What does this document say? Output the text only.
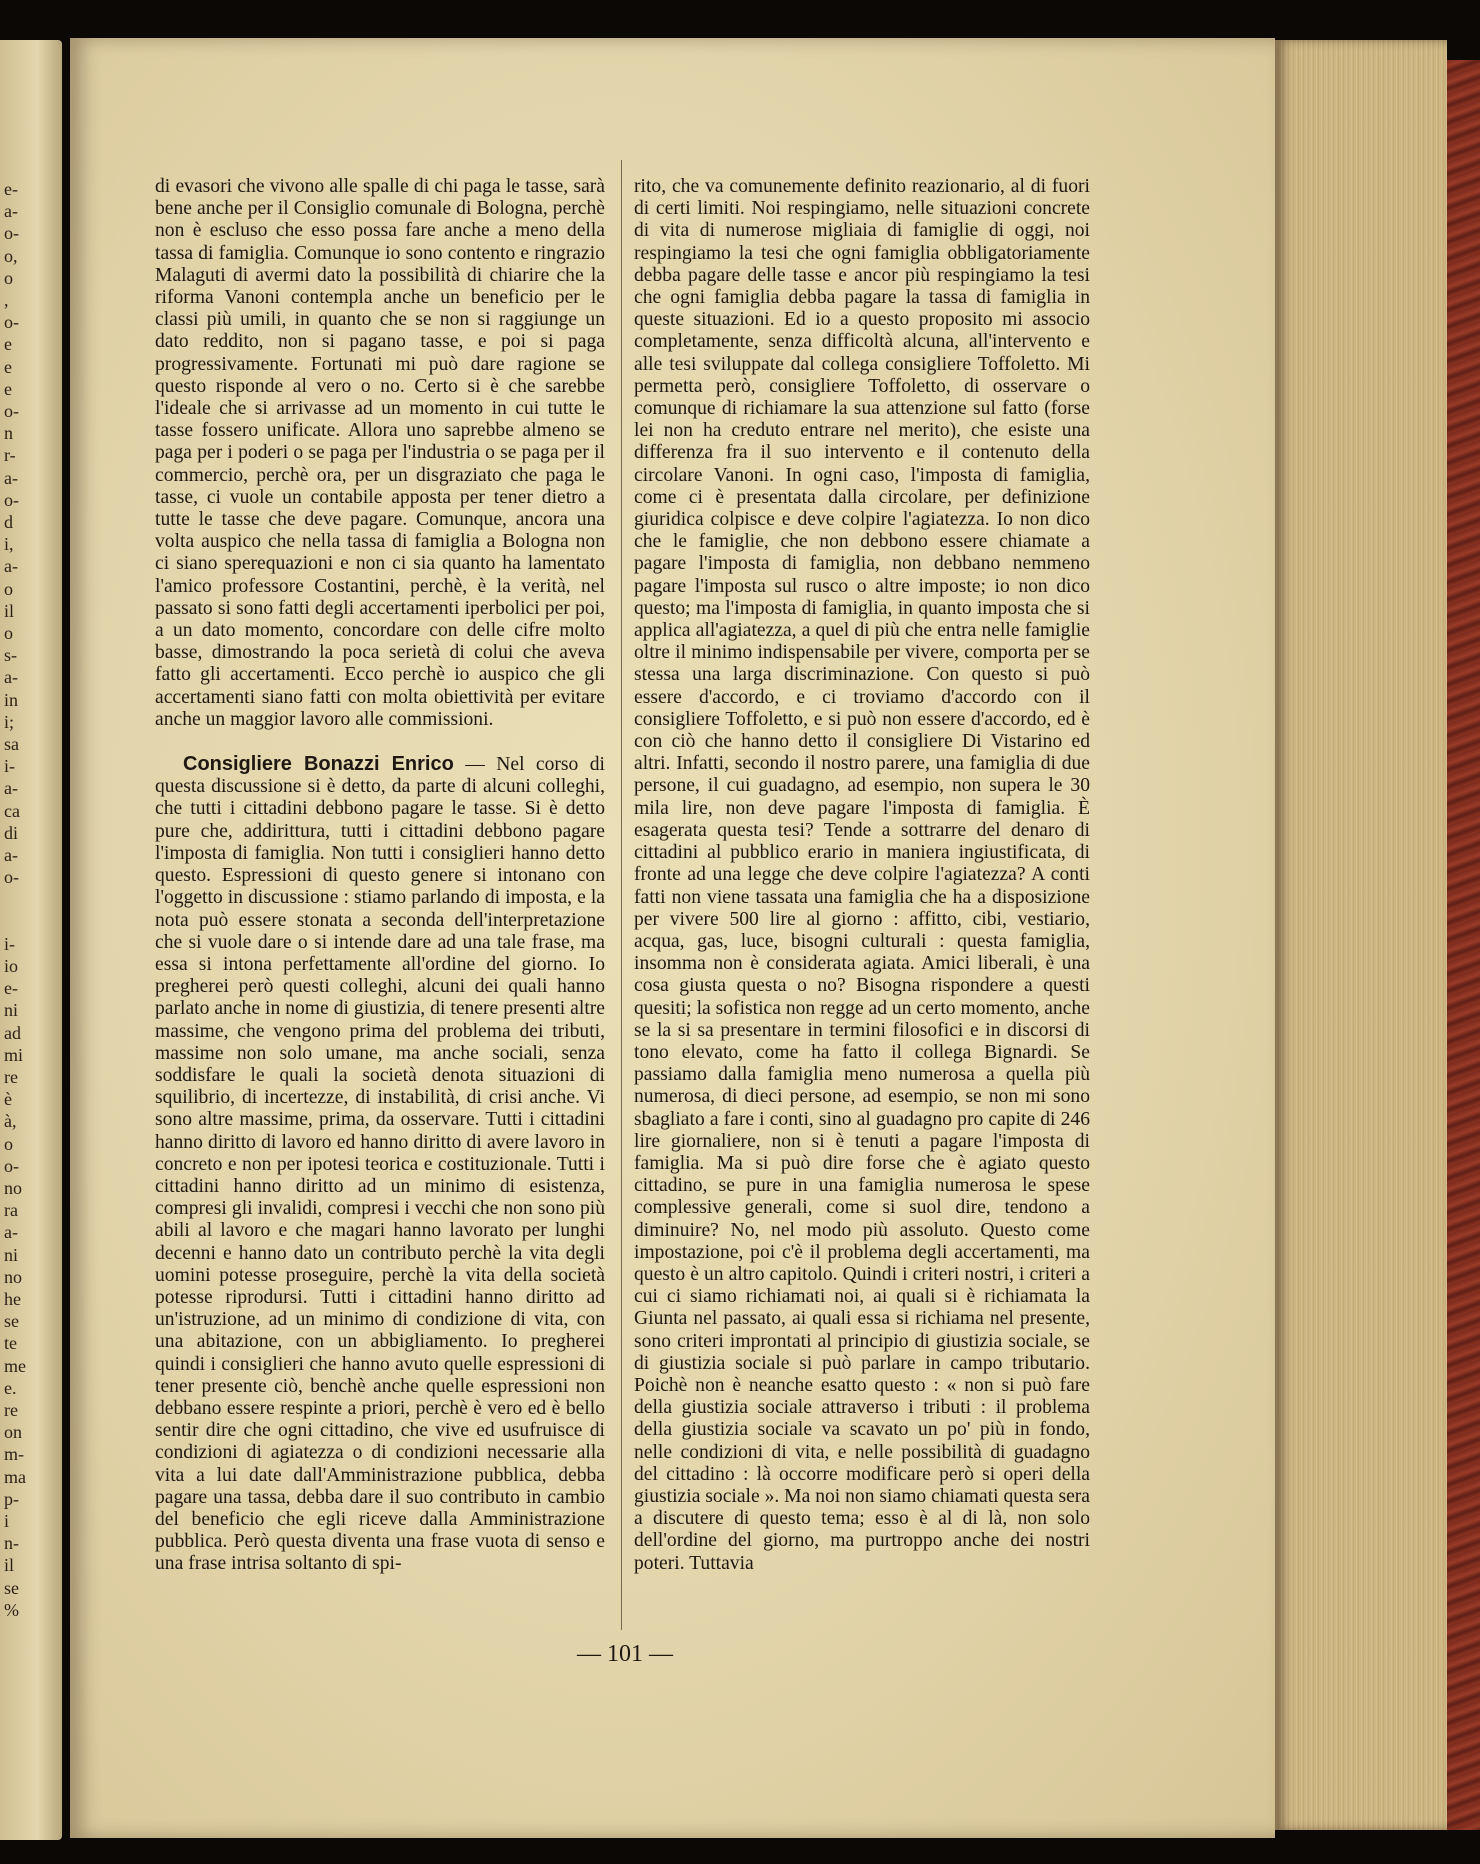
e-
a-
o-
o,
o
,
o-
e
e
e
o-
n
r-
a-
o-
d
i,
a-
o
il
o
s-
a-
in
i;
sa
i-
a-
ca
di
a-
o-
i-
io
e-
ni
ad
mi
re
è
à,
o
o-
no
ra
a-
ni
no
he
se
te
me
e.
re
on
m-
ma
p-
i
n-
il
se
%

di evasori che vivono alle spalle di chi paga le tasse, sarà bene anche per il Consiglio comunale di Bologna, perchè non è escluso che esso possa fare anche a meno della tassa di famiglia. Comunque io sono contento e ringrazio Malaguti di avermi dato la possibilità di chiarire che la riforma Vanoni contempla anche un beneficio per le classi più umili, in quanto che se non si raggiunge un dato reddito, non si pagano tasse, e poi si paga progressivamente. Fortunati mi può dare ragione se questo risponde al vero o no. Certo si è che sarebbe l'ideale che si arrivasse ad un momento in cui tutte le tasse fossero unificate. Allora uno saprebbe almeno se paga per i poderi o se paga per l'industria o se paga per il commercio, perchè ora, per un disgraziato che paga le tasse, ci vuole un contabile apposta per tener dietro a tutte le tasse che deve pagare. Comunque, ancora una volta auspico che nella tassa di famiglia a Bologna non ci siano sperequazioni e non ci sia quanto ha lamentato l'amico professore Costantini, perchè, è la verità, nel passato si sono fatti degli accertamenti iperbolici per poi, a un dato momento, concordare con delle cifre molto basse, dimostrando la poca serietà di colui che aveva fatto gli accertamenti. Ecco perchè io auspico che gli accertamenti siano fatti con molta obiettività per evitare anche un maggior lavoro alle commissioni.

Consigliere Bonazzi Enrico — Nel corso di questa discussione si è detto, da parte di alcuni colleghi, che tutti i cittadini debbono pagare le tasse. Si è detto pure che, addirittura, tutti i cittadini debbono pagare l'imposta di famiglia. Non tutti i consiglieri hanno detto questo. Espressioni di questo genere si intonano con l'oggetto in discussione : stiamo parlando di imposta, e la nota può essere stonata a seconda dell'interpretazione che si vuole dare o si intende dare ad una tale frase, ma essa si intona perfettamente all'ordine del giorno. Io pregherei però questi colleghi, alcuni dei quali hanno parlato anche in nome di giustizia, di tenere presenti altre massime, che vengono prima del problema dei tributi, massime non solo umane, ma anche sociali, senza soddisfare le quali la società denota situazioni di squilibrio, di incertezze, di instabilità, di crisi anche. Vi sono altre massime, prima, da osservare. Tutti i cittadini hanno diritto di lavoro ed hanno diritto di avere lavoro in concreto e non per ipotesi teorica e costituzionale. Tutti i cittadini hanno diritto ad un minimo di esistenza, compresi gli invalidi, compresi i vecchi che non sono più abili al lavoro e che magari hanno lavorato per lunghi decenni e hanno dato un contributo perchè la vita degli uomini potesse proseguire, perchè la vita della società potesse riprodursi. Tutti i cittadini hanno diritto ad un'istruzione, ad un minimo di condizione di vita, con una abitazione, con un abbigliamento. Io pregherei quindi i consiglieri che hanno avuto quelle espressioni di tener presente ciò, benchè anche quelle espressioni non debbano essere respinte a priori, perchè è vero ed è bello sentir dire che ogni cittadino, che vive ed usufruisce di condizioni di agiatezza o di condizioni necessarie alla vita a lui date dall'Amministrazione pubblica, debba pagare una tassa, debba dare il suo contributo in cambio del beneficio che egli riceve dalla Amministrazione pubblica. Però questa diventa una frase vuota di senso e una frase intrisa soltanto di spi-

rito, che va comunemente definito reazionario, al di fuori di certi limiti. Noi respingiamo, nelle situazioni concrete di vita di numerose migliaia di famiglie di oggi, noi respingiamo la tesi che ogni famiglia obbligatoriamente debba pagare delle tasse e ancor più respingiamo la tesi che ogni famiglia debba pagare la tassa di famiglia in queste situazioni. Ed io a questo proposito mi associo completamente, senza difficoltà alcuna, all'intervento e alle tesi sviluppate dal collega consigliere Toffoletto. Mi permetta però, consigliere Toffoletto, di osservare o comunque di richiamare la sua attenzione sul fatto (forse lei non ha creduto entrare nel merito), che esiste una differenza fra il suo intervento e il contenuto della circolare Vanoni. In ogni caso, l'imposta di famiglia, come ci è presentata dalla circolare, per definizione giuridica colpisce e deve colpire l'agiatezza. Io non dico che le famiglie, che non debbono essere chiamate a pagare l'imposta di famiglia, non debbano nemmeno pagare l'imposta sul rusco o altre imposte; io non dico questo; ma l'imposta di famiglia, in quanto imposta che si applica all'agiatezza, a quel di più che entra nelle famiglie oltre il minimo indispensabile per vivere, comporta per se stessa una larga discriminazione. Con questo si può essere d'accordo, e ci troviamo d'accordo con il consigliere Toffoletto, e si può non essere d'accordo, ed è con ciò che hanno detto il consigliere Di Vistarino ed altri. Infatti, secondo il nostro parere, una famiglia di due persone, il cui guadagno, ad esempio, non supera le 30 mila lire, non deve pagare l'imposta di famiglia. È esagerata questa tesi? Tende a sottrarre del denaro di cittadini al pubblico erario in maniera ingiustificata, di fronte ad una legge che deve colpire l'agiatezza? A conti fatti non viene tassata una famiglia che ha a disposizione per vivere 500 lire al giorno : affitto, cibi, vestiario, acqua, gas, luce, bisogni culturali : questa famiglia, insomma non è considerata agiata. Amici liberali, è una cosa giusta questa o no? Bisogna rispondere a questi quesiti; la sofistica non regge ad un certo momento, anche se la si sa presentare in termini filosofici e in discorsi di tono elevato, come ha fatto il collega Bignardi. Se passiamo dalla famiglia meno numerosa a quella più numerosa, di dieci persone, ad esempio, se non mi sono sbagliato a fare i conti, sino al guadagno pro capite di 246 lire giornaliere, non si è tenuti a pagare l'imposta di famiglia. Ma si può dire forse che è agiato questo cittadino, se pure in una famiglia numerosa le spese complessive generali, come si suol dire, tendono a diminuire? No, nel modo più assoluto. Questo come impostazione, poi c'è il problema degli accertamenti, ma questo è un altro capitolo. Quindi i criteri nostri, i criteri a cui ci siamo richiamati noi, ai quali si è richiamata la Giunta nel passato, ai quali essa si richiama nel presente, sono criteri improntati al principio di giustizia sociale, se di giustizia sociale si può parlare in campo tributario. Poichè non è neanche esatto questo : « non si può fare della giustizia sociale attraverso i tributi : il problema della giustizia sociale va scavato un po' più in fondo, nelle condizioni di vita, e nelle possibilità di guadagno del cittadino : là occorre modificare però si operi della giustizia sociale ». Ma noi non siamo chiamati questa sera a discutere di questo tema; esso è al di là, non solo dell'ordine del giorno, ma purtroppo anche dei nostri poteri. Tuttavia

— 101 —
